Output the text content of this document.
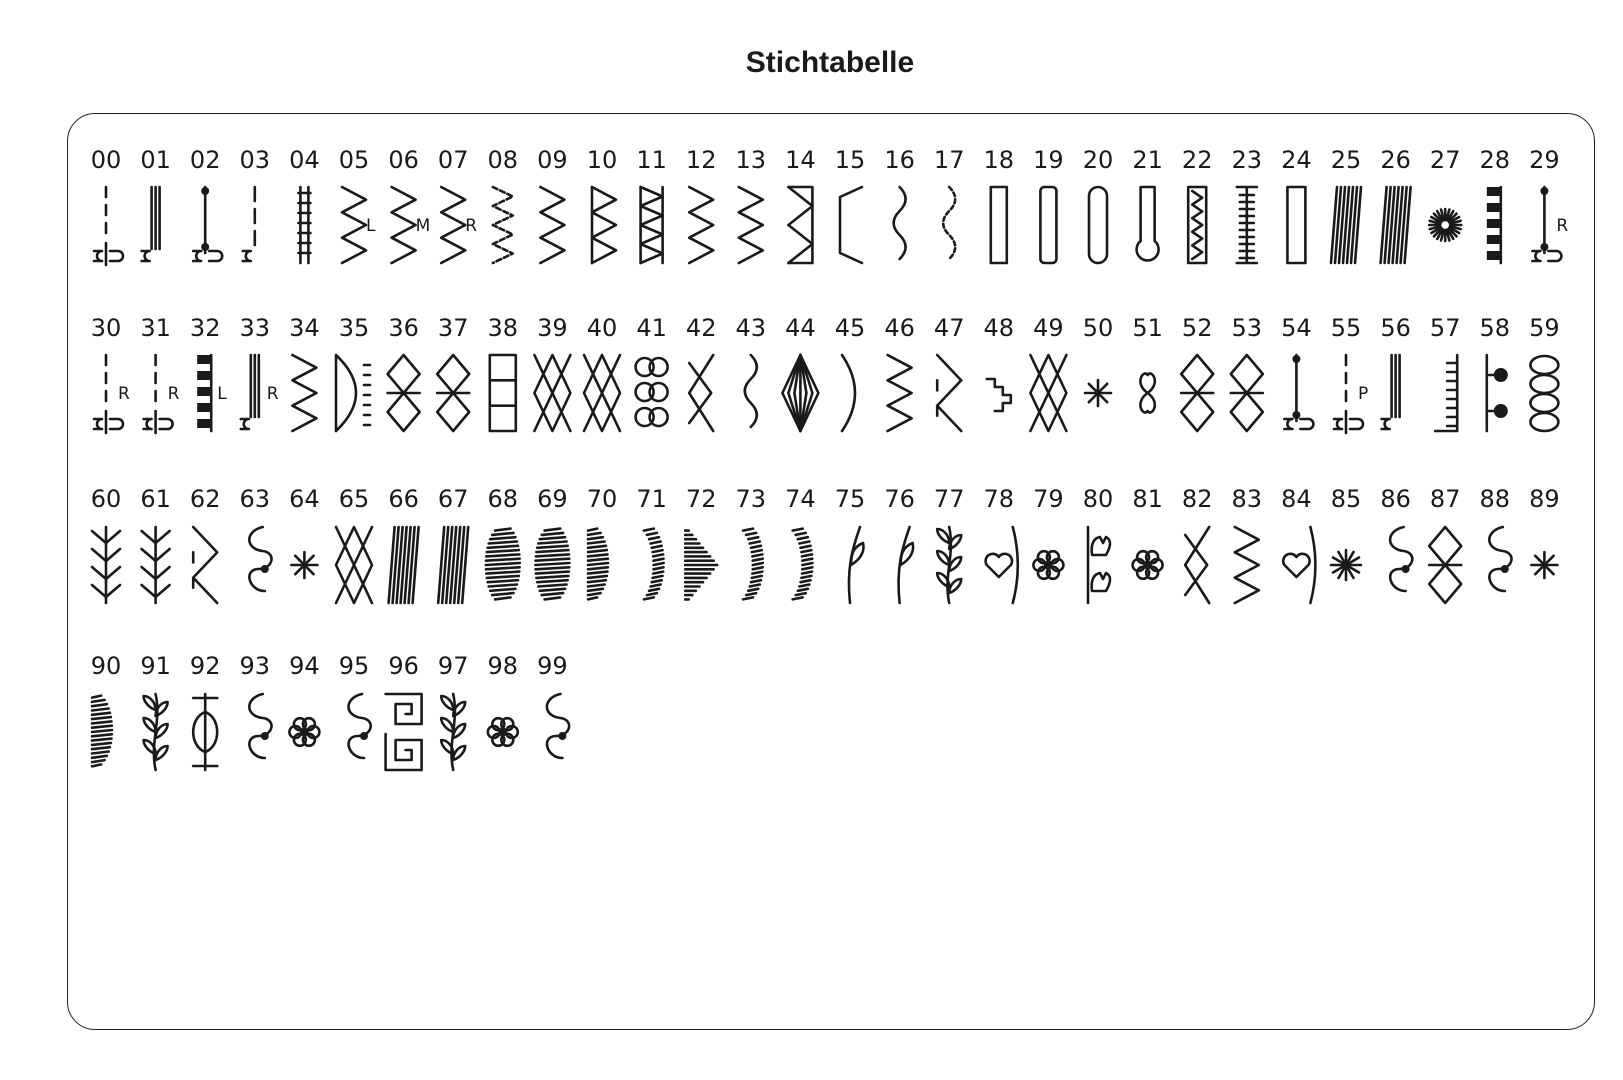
Stichtabelle
00 01 02 03 04 05
L
06
M
07
R
08 09 10 11 12 13 14 15 16 17 18 19 20 21 22 23 24 25 26 27 28 29
R
30
R
31
R
32
L
33
R
34 35 36 37 38 39 40 41 42 43 44 45 46 47 48 49 50 51 52 53 54 55
P
56 57 58 59
60 61 62 63 64 65 66 67 68 69 70 71 72 73 74 75 76 77 78 79 80 81 82 83 84 85 86 87 88 89
90 91 92 93 94 95 96 97 98 99
